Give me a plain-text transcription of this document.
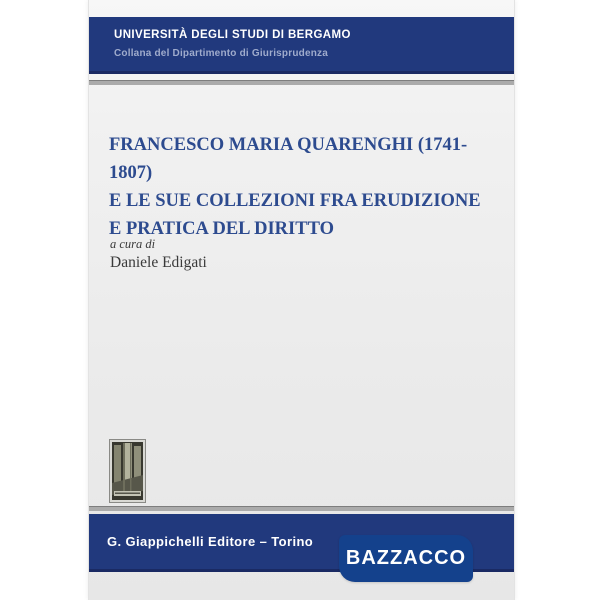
UNIVERSITÀ DEGLI STUDI DI BERGAMO
Collana del Dipartimento di Giurisprudenza
FRANCESCO MARIA QUARENGHI (1741-1807)
E LE SUE COLLEZIONI FRA ERUDIZIONE
E PRATICA DEL DIRITTO
a cura di
Daniele Edigati
G. Giappichelli Editore – Torino
BAZZACCO
